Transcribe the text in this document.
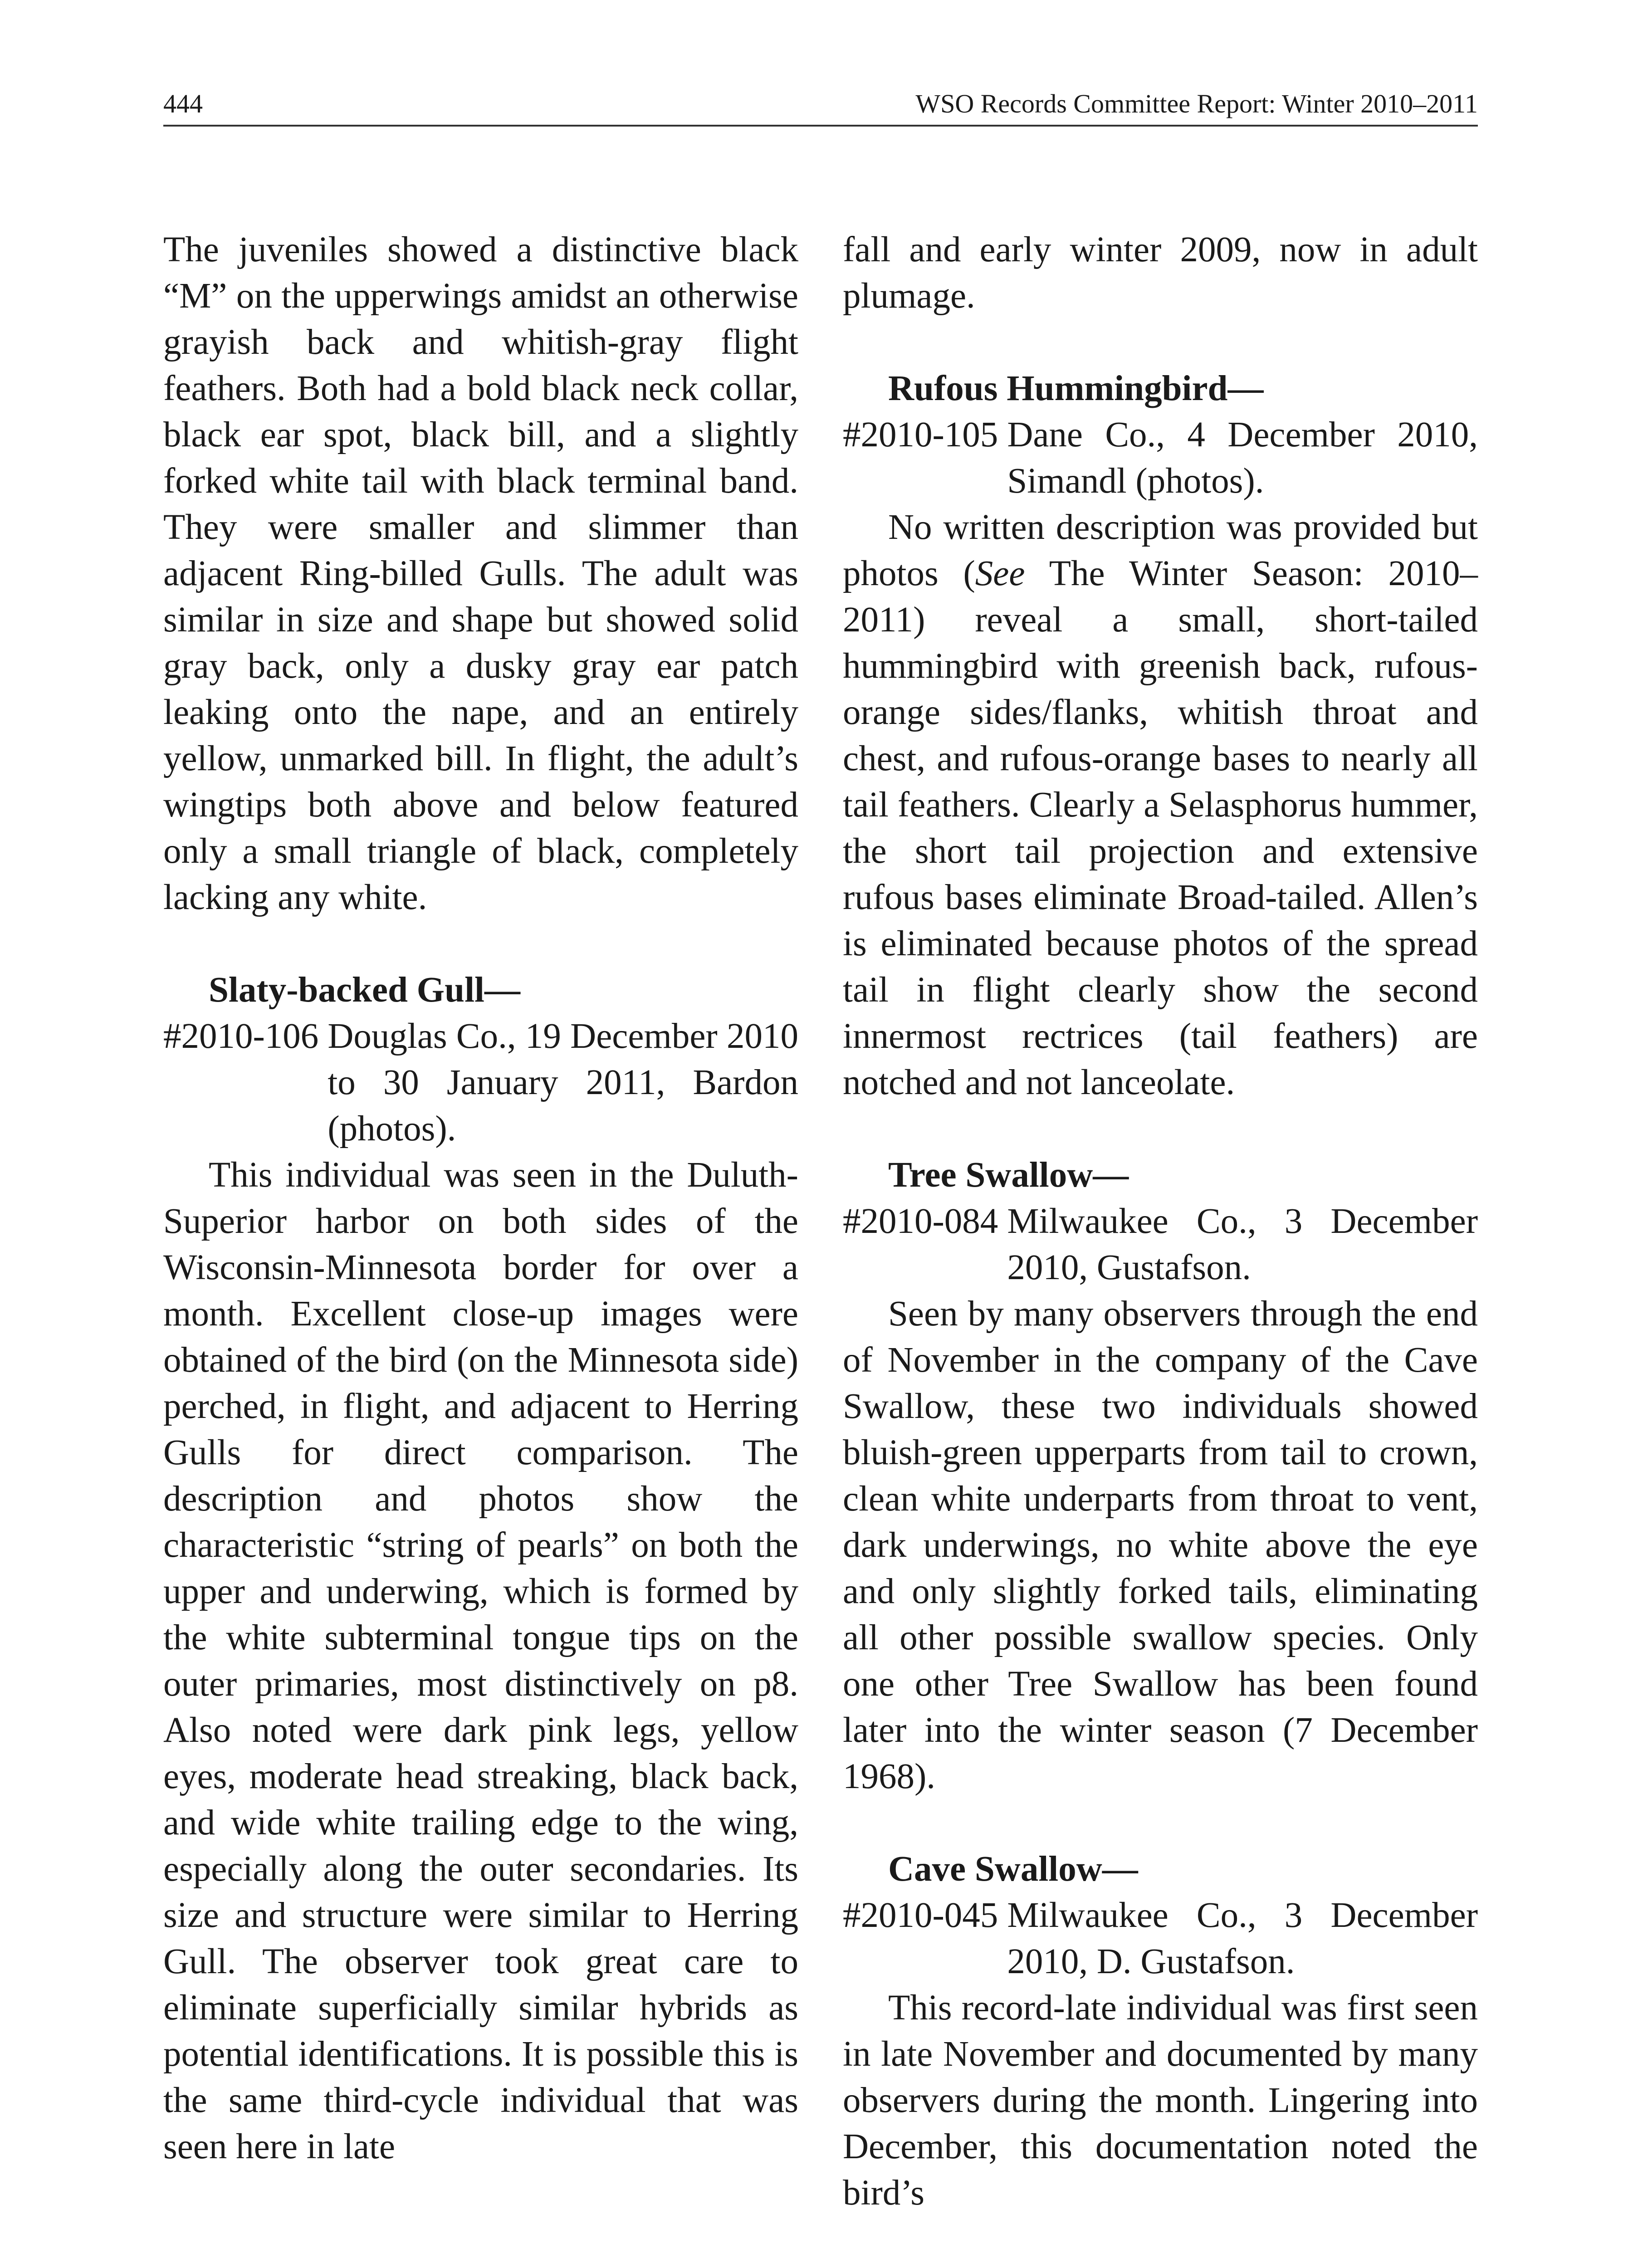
444	WSO Records Committee Report: Winter 2010–2011

The juveniles showed a distinctive black “M” on the upperwings amidst an otherwise grayish back and whitish-gray flight feathers. Both had a bold black neck collar, black ear spot, black bill, and a slightly forked white tail with black terminal band. They were smaller and slimmer than adjacent Ring-billed Gulls. The adult was similar in size and shape but showed solid gray back, only a dusky gray ear patch leaking onto the nape, and an entirely yellow, unmarked bill. In flight, the adult’s wingtips both above and below featured only a small triangle of black, completely lacking any white.

Slaty-backed Gull—
#2010-106 Douglas Co., 19 December 2010 to 30 January 2011, Bardon (photos).

This individual was seen in the Duluth-Superior harbor on both sides of the Wisconsin-Minnesota border for over a month. Excellent close-up images were obtained of the bird (on the Minnesota side) perched, in flight, and adjacent to Herring Gulls for direct comparison. The description and photos show the characteristic “string of pearls” on both the upper and underwing, which is formed by the white subterminal tongue tips on the outer primaries, most distinctively on p8. Also noted were dark pink legs, yellow eyes, moderate head streaking, black back, and wide white trailing edge to the wing, especially along the outer secondaries. Its size and structure were similar to Herring Gull. The observer took great care to eliminate superficially similar hybrids as potential identifications. It is possible this is the same third-cycle individual that was seen here in late

fall and early winter 2009, now in adult plumage.

Rufous Hummingbird—
#2010-105 Dane Co., 4 December 2010, Simandl (photos).

No written description was provided but photos (See The Winter Season: 2010–2011) reveal a small, short-tailed hummingbird with greenish back, rufous-orange sides/flanks, whitish throat and chest, and rufous-orange bases to nearly all tail feathers. Clearly a Selasphorus hummer, the short tail projection and extensive rufous bases eliminate Broad-tailed. Allen’s is eliminated because photos of the spread tail in flight clearly show the second innermost rectrices (tail feathers) are notched and not lanceolate.

Tree Swallow—
#2010-084 Milwaukee Co., 3 December 2010, Gustafson.

Seen by many observers through the end of November in the company of the Cave Swallow, these two individuals showed bluish-green upperparts from tail to crown, clean white underparts from throat to vent, dark underwings, no white above the eye and only slightly forked tails, eliminating all other possible swallow species. Only one other Tree Swallow has been found later into the winter season (7 December 1968).

Cave Swallow—
#2010-045 Milwaukee Co., 3 December 2010, D. Gustafson.

This record-late individual was first seen in late November and documented by many observers during the month. Lingering into December, this documentation noted the bird’s
